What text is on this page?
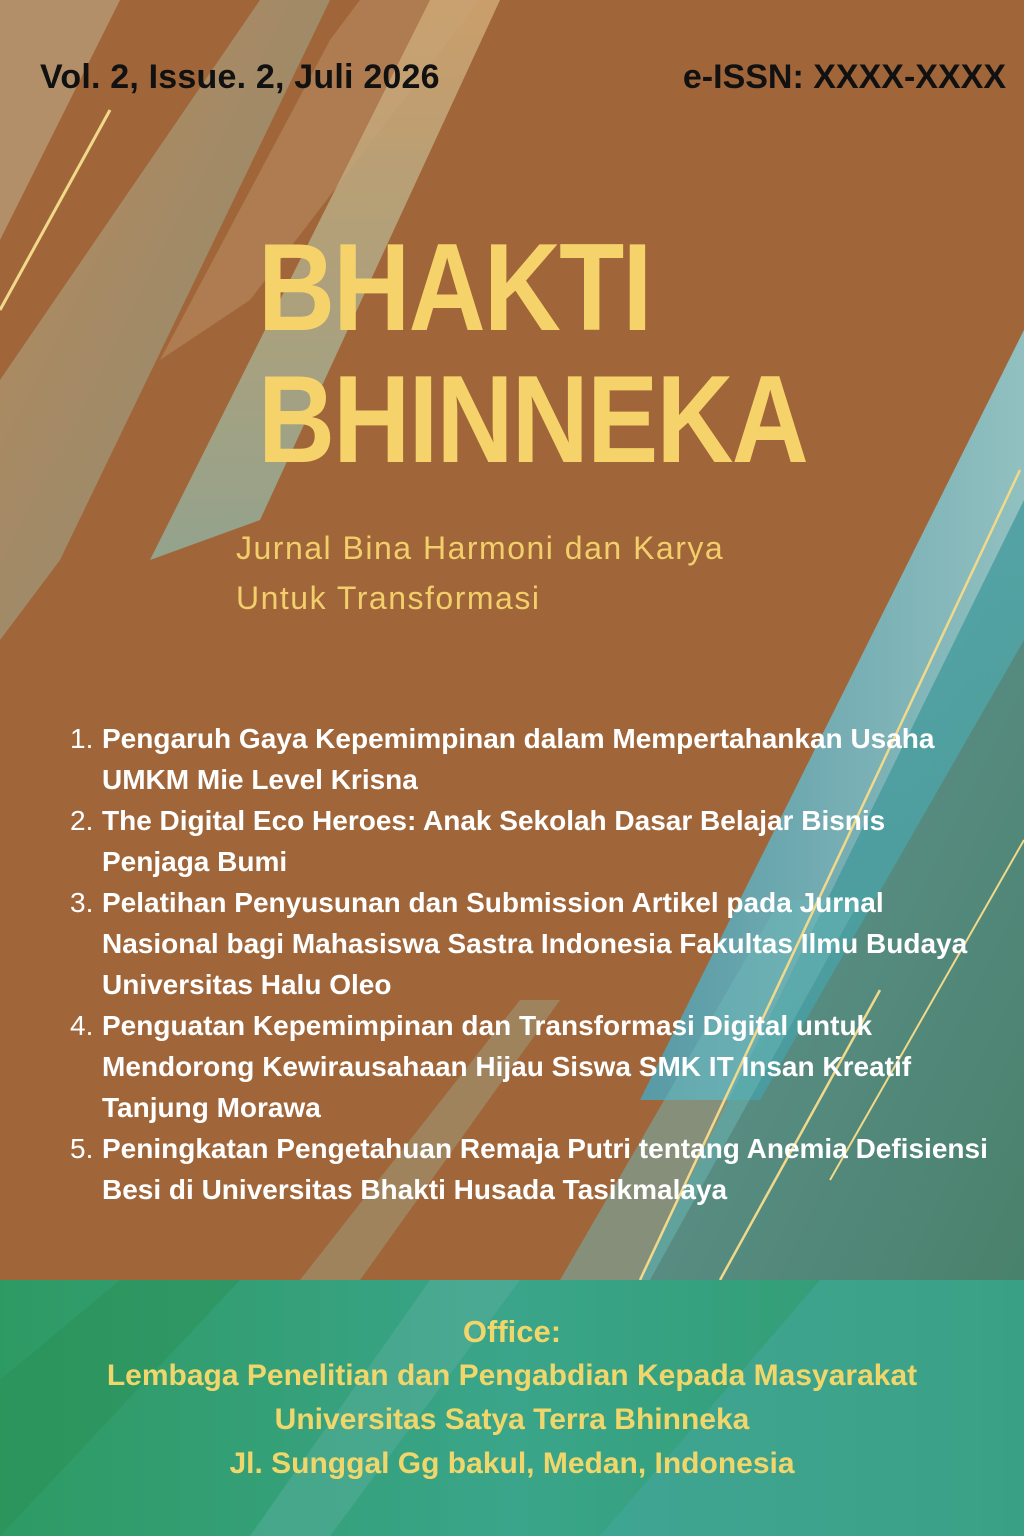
Vol. 2, Issue. 2, Juli 2026	e-ISSN: XXXX-XXXX
BHAKTI
BHINNEKA
Jurnal Bina Harmoni dan Karya
Untuk Transformasi
1. Pengaruh Gaya Kepemimpinan dalam Mempertahankan Usaha UMKM Mie Level Krisna
2. The Digital Eco Heroes: Anak Sekolah Dasar Belajar Bisnis Penjaga Bumi
3. Pelatihan Penyusunan dan Submission Artikel pada Jurnal Nasional bagi Mahasiswa Sastra Indonesia Fakultas Ilmu Budaya Universitas Halu Oleo
4. Penguatan Kepemimpinan dan Transformasi Digital untuk Mendorong Kewirausahaan Hijau Siswa SMK IT Insan Kreatif Tanjung Morawa
5. Peningkatan Pengetahuan Remaja Putri tentang Anemia Defisiensi Besi di Universitas Bhakti Husada Tasikmalaya
Office:
Lembaga Penelitian dan Pengabdian Kepada Masyarakat
Universitas Satya Terra Bhinneka
Jl. Sunggal Gg bakul, Medan, Indonesia
